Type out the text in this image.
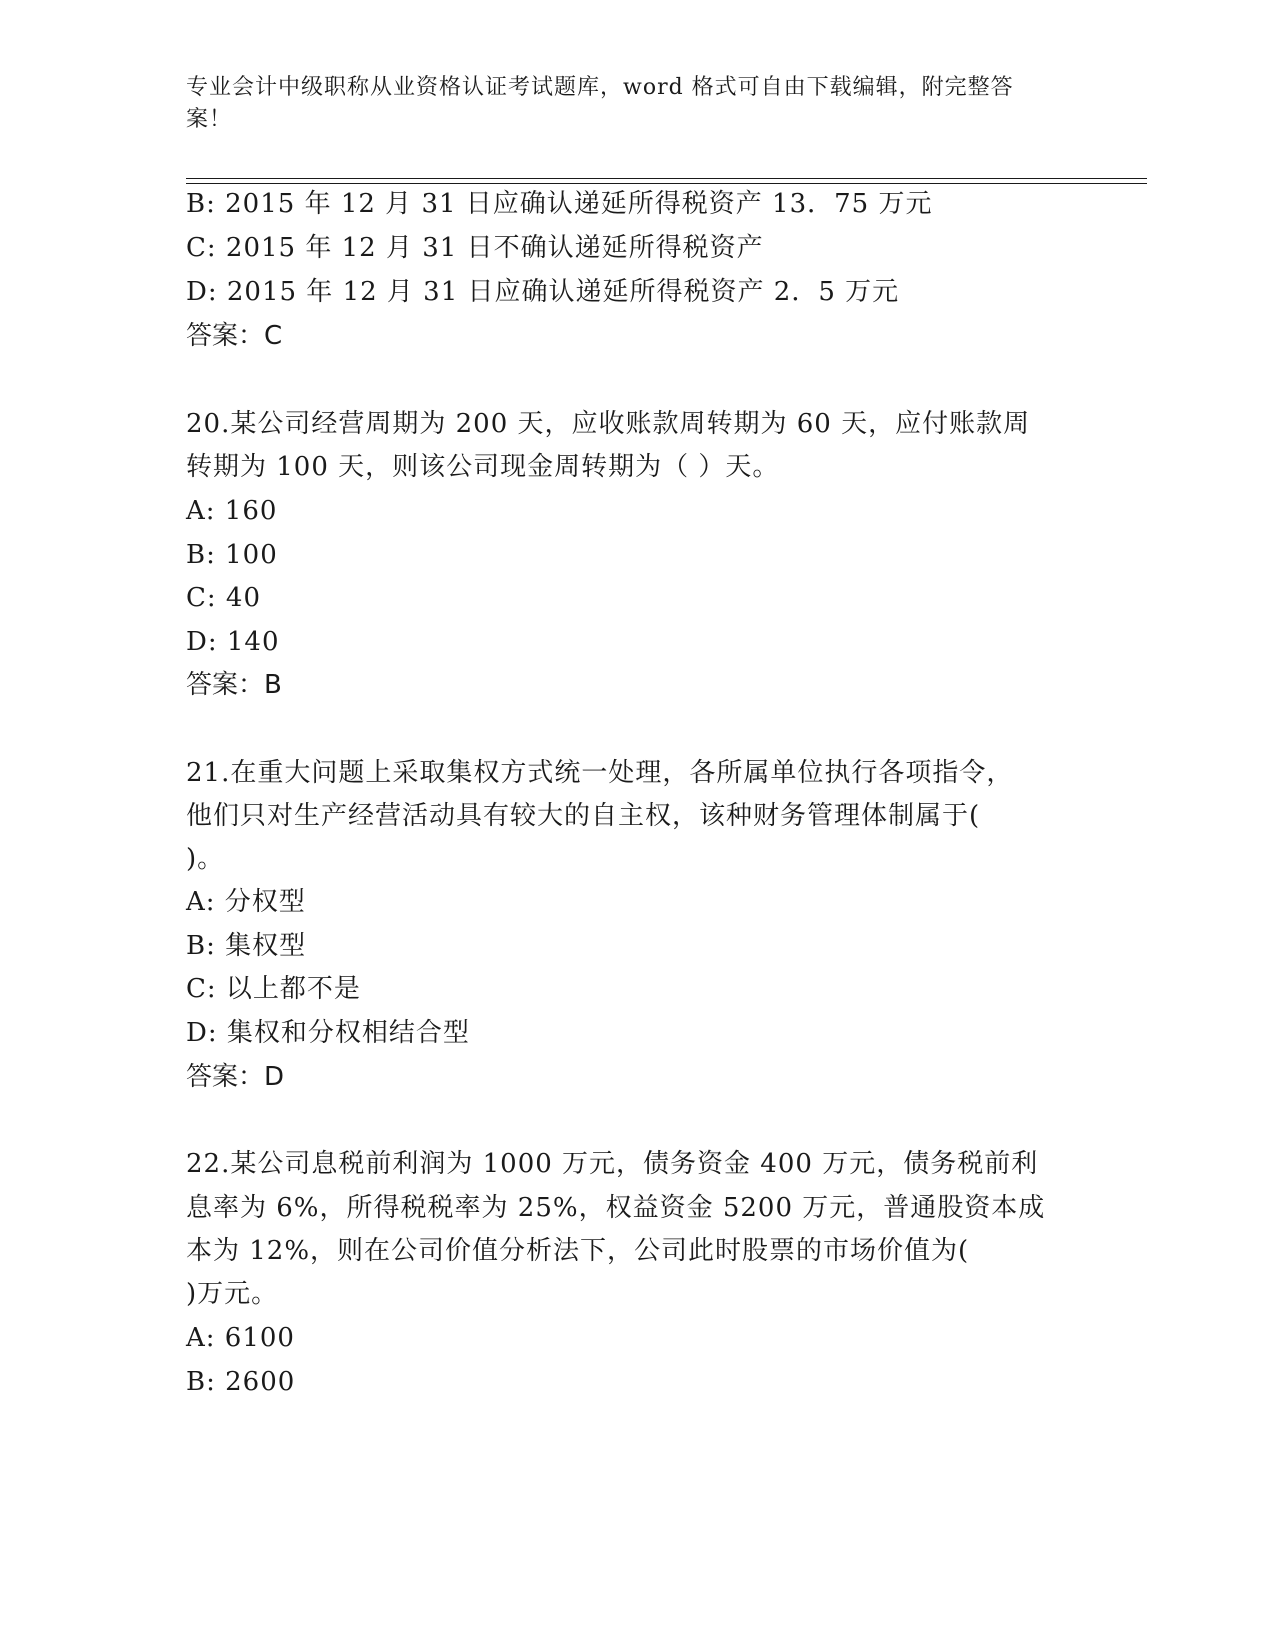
专业会计中级职称从业资格认证考试题库，word 格式可自由下载编辑，附完整答
案！
B: 2015 年 12 月 31 日应确认递延所得税资产 13．75 万元
C: 2015 年 12 月 31 日不确认递延所得税资产
D: 2015 年 12 月 31 日应确认递延所得税资产 2．5 万元
答案：C
20.某公司经营周期为 200 天，应收账款周转期为 60 天，应付账款周
转期为 100 天，则该公司现金周转期为（ ）天。
A: 160
B: 100
C: 40
D: 140
答案：B
21.在重大问题上采取集权方式统一处理，各所属单位执行各项指令，
他们只对生产经营活动具有较大的自主权，该种财务管理体制属于(
)。
A: 分权型
B: 集权型
C: 以上都不是
D: 集权和分权相结合型
答案：D
22.某公司息税前利润为 1000 万元，债务资金 400 万元，债务税前利
息率为 6%，所得税税率为 25%，权益资金 5200 万元，普通股资本成
本为 12%，则在公司价值分析法下，公司此时股票的市场价值为(
)万元。
A: 6100
B: 2600
